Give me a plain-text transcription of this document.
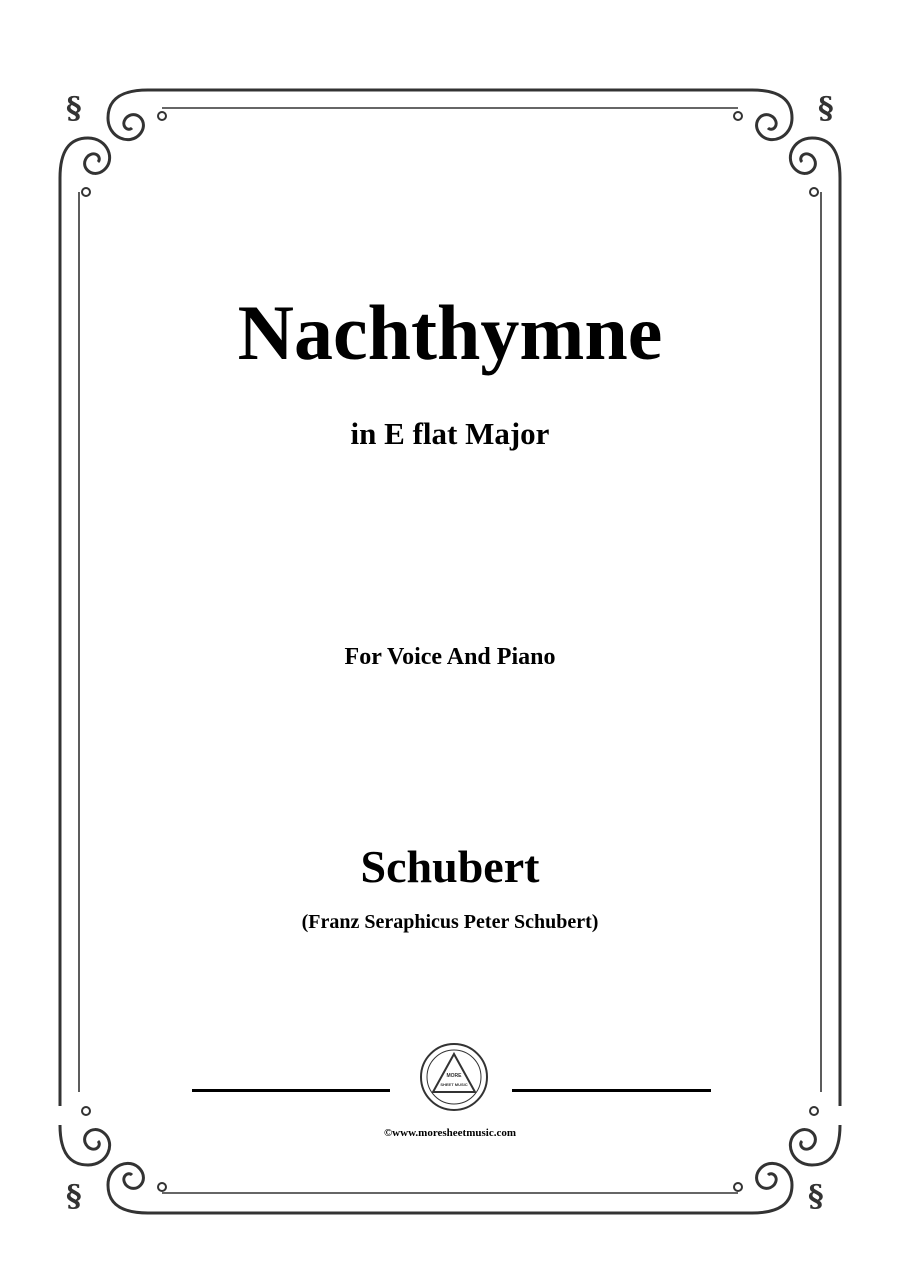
§	§
§	§
Nachthymne
in E flat Major
For Voice And Piano
Schubert
(Franz Seraphicus Peter Schubert)
MORE
SHEET MUSIC
©www.moresheetmusic.com
